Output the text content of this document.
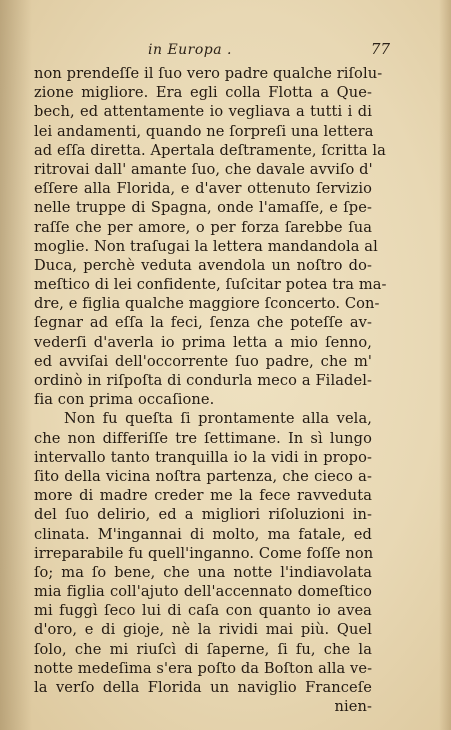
in Europa .	77
non prendeſſe il ſuo vero padre qualche riſolu-
zione migliore. Era egli colla Flotta a Que-
bech, ed attentamente io vegliava a tutti i di
lei andamenti, quando ne ſorpreſi una lettera
ad eſſa diretta. Apertala deſtramente, ſcritta la
ritrovai dall' amante ſuo, che davale avviſo d'
eſſere alla Florida, e d'aver ottenuto ſervizio
nelle truppe di Spagna, onde l'amaſſe, e ſpe-
raſſe che per amore, o per forza ſarebbe ſua
moglie. Non traſugai la lettera mandandola al
Duca, perchè veduta avendola un noſtro do-
meſtico di lei confidente, ſuſcitar potea tra ma-
dre, e figlia qualche maggiore ſconcerto. Con-
ſegnar ad eſſa la feci, ſenza che poteſſe av-
vederſi d'averla io prima letta a mio ſenno,
ed avviſai dell'occorrente ſuo padre, che m'
ordinò in riſpoſta di condurla meco a Filadel-
fia con prima occaſione.
Non fu queſta ſi prontamente alla vela,
che non differiſſe tre ſettimane. In sì lungo
intervallo tanto tranquilla io la vidi in propo-
ſito della vicina noſtra partenza, che cieco a-
more di madre creder me la fece ravveduta
del ſuo delirio, ed a migliori riſoluzioni in-
clinata. M'ingannai di molto, ma fatale, ed
irreparabile fu quell'inganno. Come foſſe non
ſo; ma ſo bene, che una notte l'indiavolata
mia figlia coll'ajuto dell'accennato domeſtico
mi fuggì ſeco lui di caſa con quanto io avea
d'oro, e di gioje, nè la rividi mai più. Quel
ſolo, che mi riuſcì di ſaperne, ſi fu, che la
notte medeſima s'era poſto da Boſton alla ve-
la verſo della Florida un naviglio Franceſe
nien-
